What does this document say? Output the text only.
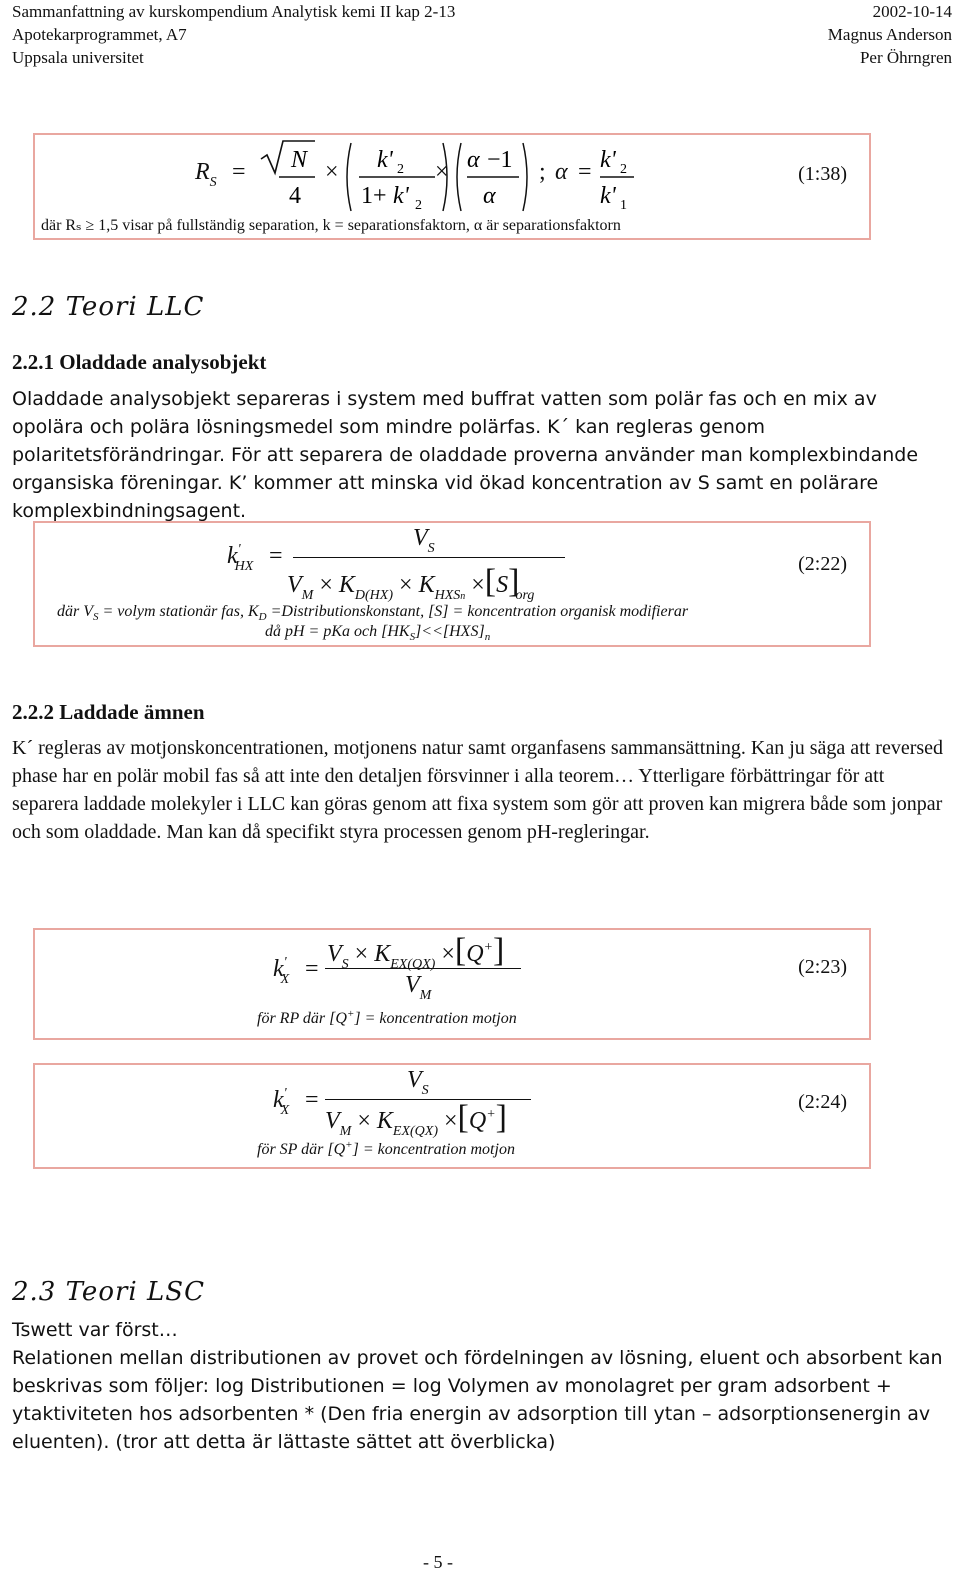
Sammanfattning av kurskompendium Analytisk kemi II kap 2-13
Apotekarprogrammet, A7
Uppsala universitet
2002-10-14
Magnus Anderson
Per Öhrngren
$R_S = N$
4
× k' 2
1+ k' 2
× α −1
α
; α = k' 2
k' 1
(1:38)
där Rₛ ≥ 1,5 visar på fullständig separation, k = separationsfaktorn, α är separationsfaktorn
2.2 Teori LLC
2.2.1 Oladdade analysobjekt
Oladdade analysobjekt separeras i system med buffrat vatten som polär fas och en mix av opolära och polära lösningsmedel som mindre polärfas. K´ kan regleras genom polaritetsförändringar. För att separera de oladdade proverna använder man komplexbindande organsiska föreningar. K’ kommer att minska vid ökad koncentration av S samt en polärare komplexbindningsagent.
$k'_{HX}$ =
$V_S$
$V_M \times K_{D(HX)} \times K_{HXSn} \times[S]_{org}$
(2:22)
där $V_S$ = volym stationär fas, $K_D$ =Distributionskonstant, [S] = koncentration organisk modifierar
då pH = pKa och $[HK_S]<<[HXS]_n$
2.2.2 Laddade ämnen
K´ regleras av motjonskoncentrationen, motjonens natur samt organfasens sammansättning. Kan ju säga att reversed phase har en polär mobil fas så att inte den detaljen försvinner i alla teorem… Ytterligare förbättringar för att separera laddade molekyler i LLC kan göras genom att fixa system som gör att proven kan migrera både som jonpar och som oladdade. Man kan då specifikt styra processen genom pH-regleringar.
$k'_X$ =
$V_S \times K_{EX(QX)} \times[Q^+]$
$V_M$
(2:23)
för RP där [Q+] = koncentration motjon
$k'_X$ =
$V_S$
$V_M \times K_{EX(QX)} \times[Q^+]$	(2:24)
för SP där [Q+] = koncentration motjon
2.3 Teori LSC
Tswett var först…
Relationen mellan distributionen av provet och fördelningen av lösning, eluent och absorbent kan beskrivas som följer: log Distributionen = log Volymen av monolagret per gram adsorbent + ytaktiviteten hos adsorbenten * (Den fria energin av adsorption till ytan – adsorptionsenergin av eluenten). (tror att detta är lättaste sättet att överblicka)
- 5 -
